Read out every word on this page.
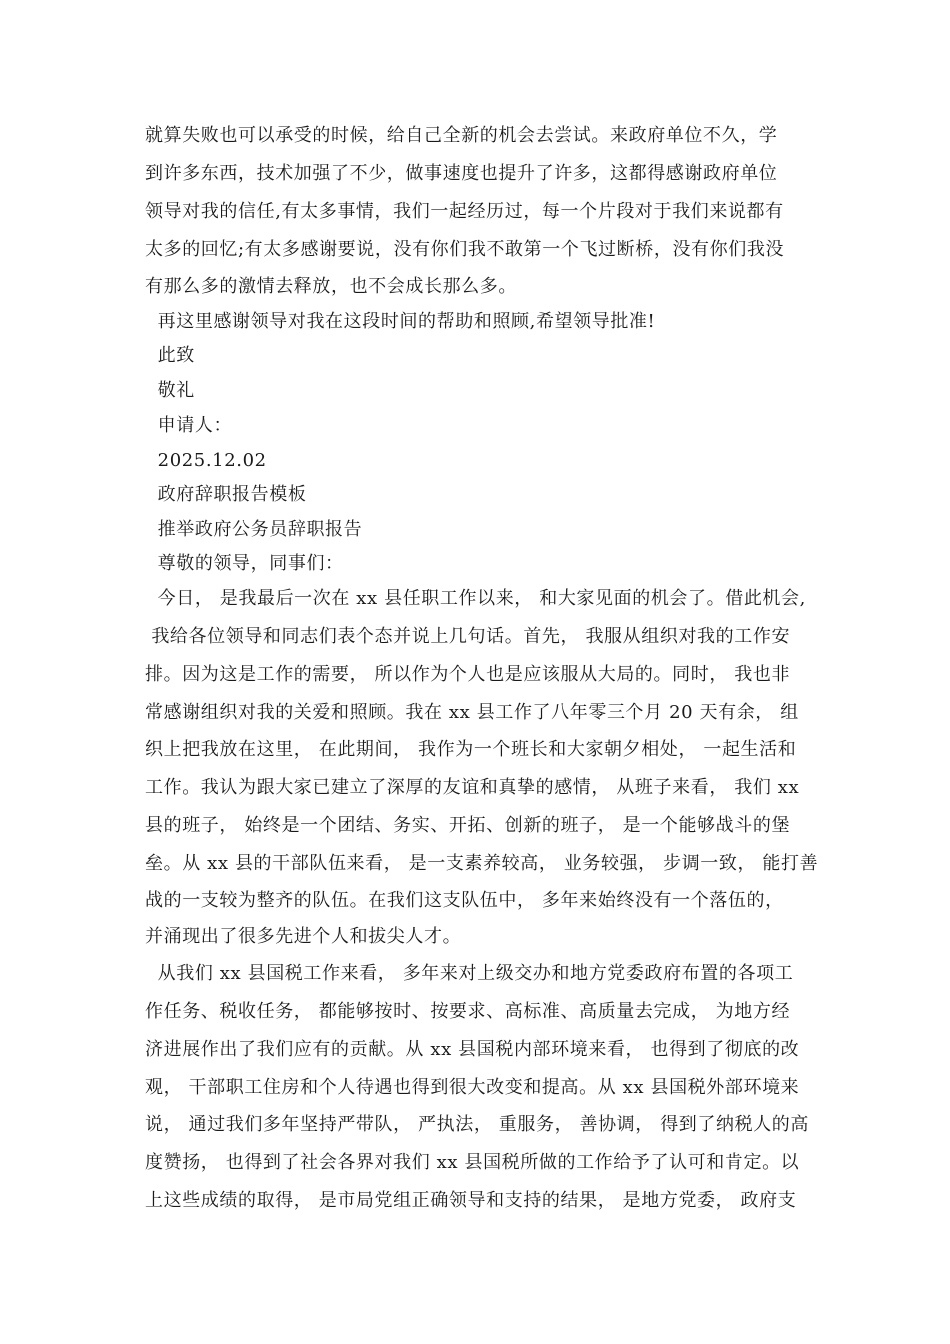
就算失败也可以承受的时候，给自己全新的机会去尝试。来政府单位不久，学
到许多东西，技术加强了不少，做事速度也提升了许多，这都得感谢政府单位
领导对我的信任,有太多事情，我们一起经历过，每一个片段对于我们来说都有
太多的回忆;有太多感谢要说，没有你们我不敢第一个飞过断桥，没有你们我没
有那么多的激情去释放，也不会成长那么多。
再这里感谢领导对我在这段时间的帮助和照顾,希望领导批准!
此致
敬礼
申请人：
2025.12.02
政府辞职报告模板
推举政府公务员辞职报告
尊敬的领导，同事们：
今日， 是我最后一次在 xx 县任职工作以来， 和大家见面的机会了。借此机会,
我给各位领导和同志们表个态并说上几句话。首先， 我服从组织对我的工作安
排。因为这是工作的需要， 所以作为个人也是应该服从大局的。同时， 我也非
常感谢组织对我的关爱和照顾。我在 xx 县工作了八年零三个月 20 天有余， 组
织上把我放在这里， 在此期间， 我作为一个班长和大家朝夕相处， 一起生活和
工作。我认为跟大家已建立了深厚的友谊和真挚的感情， 从班子来看， 我们 xx
县的班子， 始终是一个团结、务实、开拓、创新的班子， 是一个能够战斗的堡
垒。从 xx 县的干部队伍来看， 是一支素养较高， 业务较强， 步调一致， 能打善
战的一支较为整齐的队伍。在我们这支队伍中， 多年来始终没有一个落伍的，
并涌现出了很多先进个人和拔尖人才。
从我们 xx 县国税工作来看， 多年来对上级交办和地方党委政府布置的各项工
作任务、税收任务， 都能够按时、按要求、高标准、高质量去完成， 为地方经
济进展作出了我们应有的贡献。从 xx 县国税内部环境来看， 也得到了彻底的改
观， 干部职工住房和个人待遇也得到很大改变和提高。从 xx 县国税外部环境来
说， 通过我们多年坚持严带队， 严执法， 重服务， 善协调， 得到了纳税人的高
度赞扬， 也得到了社会各界对我们 xx 县国税所做的工作给予了认可和肯定。以
上这些成绩的取得， 是市局党组正确领导和支持的结果， 是地方党委， 政府支
